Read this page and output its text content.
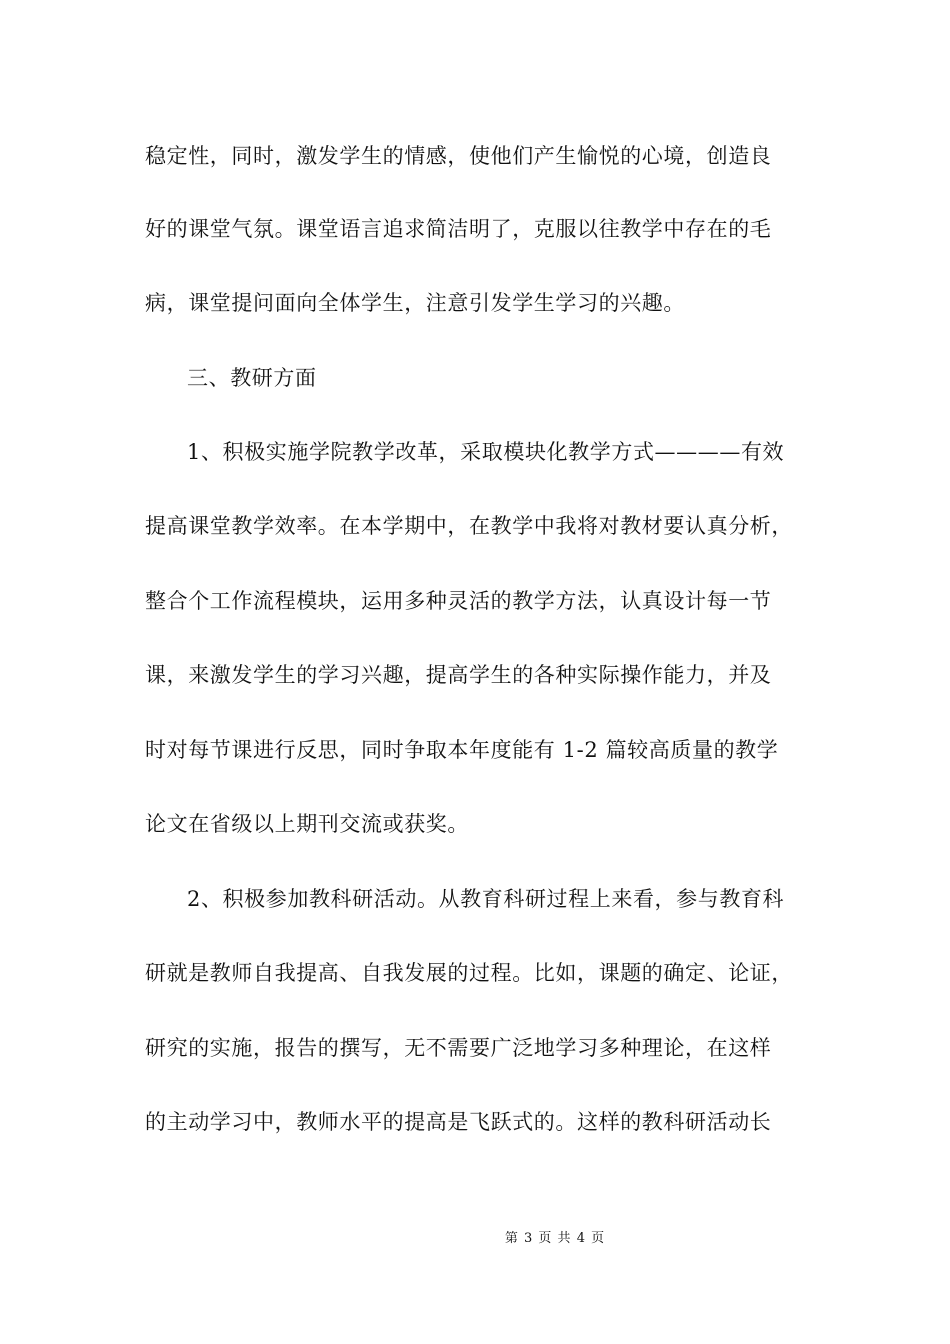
稳定性，同时，激发学生的情感，使他们产生愉悦的心境，创造良
好的课堂气氛。课堂语言追求简洁明了，克服以往教学中存在的毛
病，课堂提问面向全体学生，注意引发学生学习的兴趣。
三、教研方面
1、积极实施学院教学改革，采取模块化教学方式————有效
提高课堂教学效率。在本学期中，在教学中我将对教材要认真分析，
整合个工作流程模块，运用多种灵活的教学方法，认真设计每一节
课，来激发学生的学习兴趣，提高学生的各种实际操作能力，并及
时对每节课进行反思，同时争取本年度能有 1-2 篇较高质量的教学
论文在省级以上期刊交流或获奖。
2、积极参加教科研活动。从教育科研过程上来看，参与教育科
研就是教师自我提高、自我发展的过程。比如，课题的确定、论证，
研究的实施，报告的撰写，无不需要广泛地学习多种理论，在这样
的主动学习中，教师水平的提高是飞跃式的。这样的教科研活动长
第 3 页 共 4 页
